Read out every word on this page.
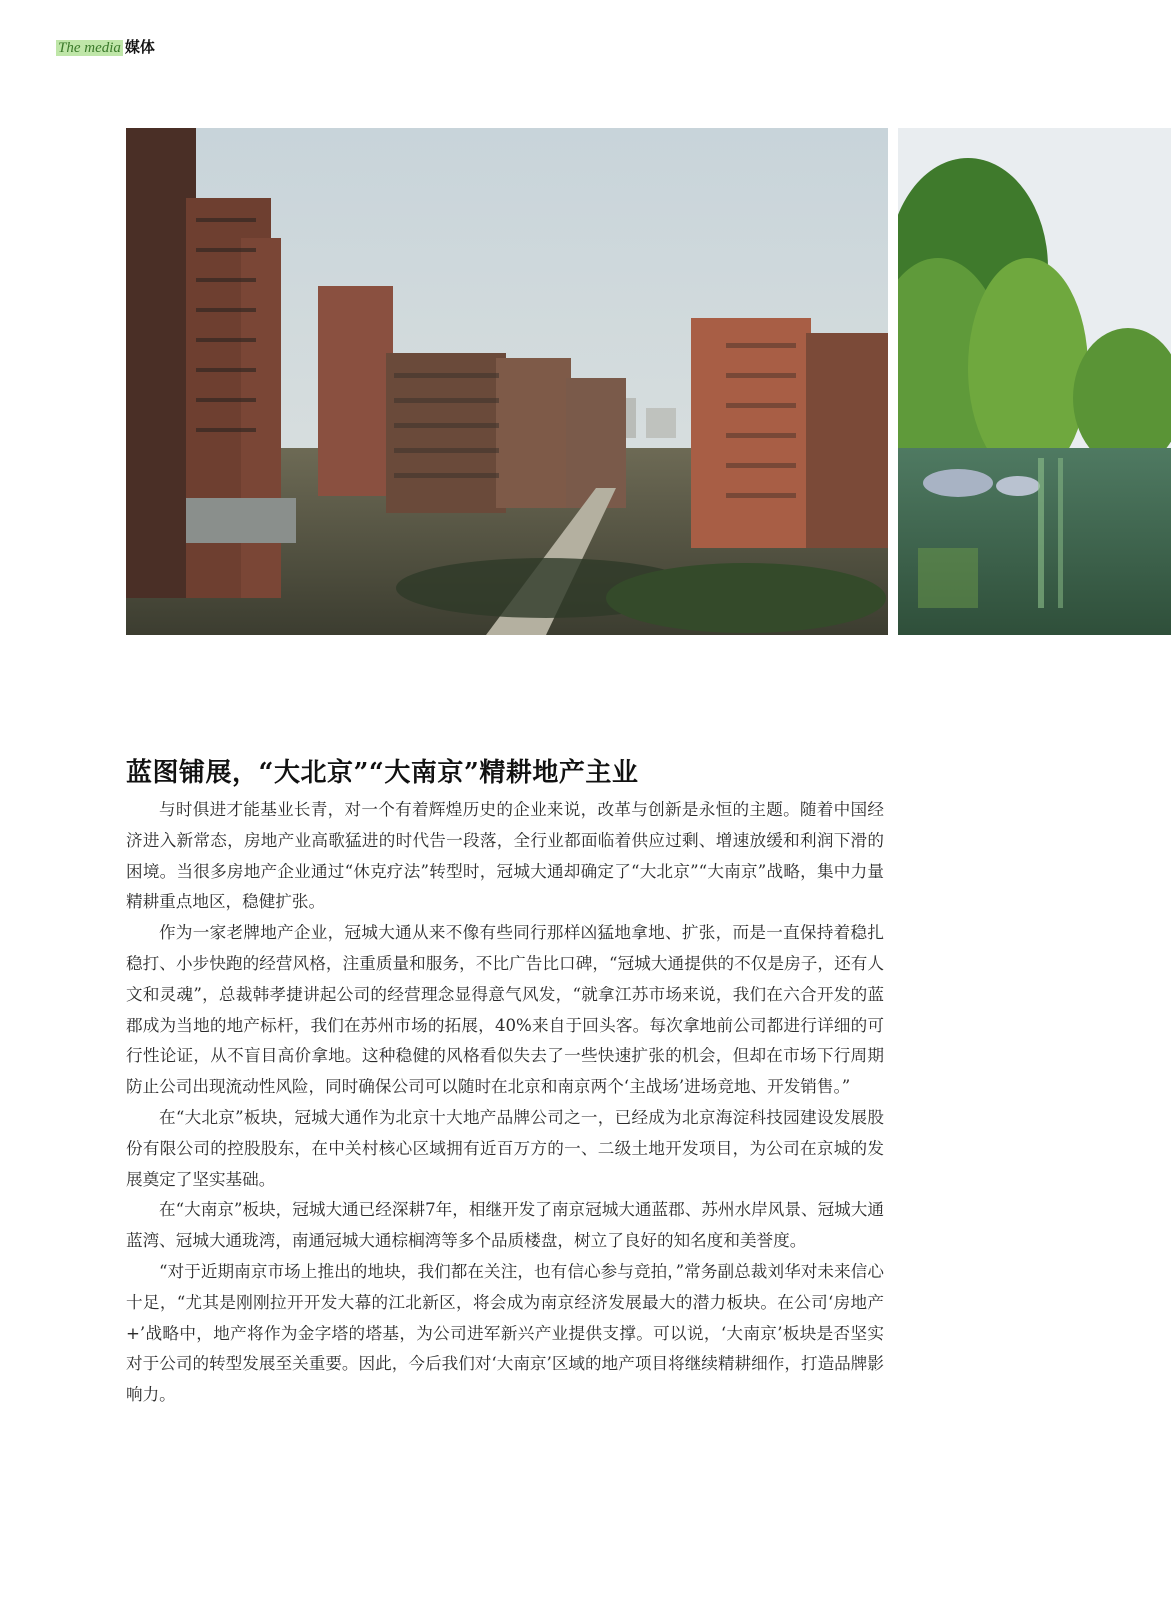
The media 媒体
蓝图铺展，“大北京”“大南京”精耕地产主业

与时俱进才能基业长青，对一个有着辉煌历史的企业来说，改革与创新是永恒的主题。随着中国经济进入新常态，房地产业高歌猛进的时代告一段落，全行业都面临着供应过剩、增速放缓和利润下滑的困境。当很多房地产企业通过“休克疗法”转型时，冠城大通却确定了“大北京”“大南京”战略，集中力量精耕重点地区，稳健扩张。

作为一家老牌地产企业，冠城大通从来不像有些同行那样凶猛地拿地、扩张，而是一直保持着稳扎稳打、小步快跑的经营风格，注重质量和服务，不比广告比口碑，“冠城大通提供的不仅是房子，还有人文和灵魂”，总裁韩孝捷讲起公司的经营理念显得意气风发，“就拿江苏市场来说，我们在六合开发的蓝郡成为当地的地产标杆，我们在苏州市场的拓展，40%来自于回头客。每次拿地前公司都进行详细的可行性论证，从不盲目高价拿地。这种稳健的风格看似失去了一些快速扩张的机会，但却在市场下行周期防止公司出现流动性风险，同时确保公司可以随时在北京和南京两个‘主战场’进场竞地、开发销售。”

在“大北京”板块，冠城大通作为北京十大地产品牌公司之一，已经成为北京海淀科技园建设发展股份有限公司的控股股东，在中关村核心区域拥有近百万方的一、二级土地开发项目，为公司在京城的发展奠定了坚实基础。

在“大南京”板块，冠城大通已经深耕7年，相继开发了南京冠城大通蓝郡、苏州水岸风景、冠城大通蓝湾、冠城大通珑湾，南通冠城大通棕榈湾等多个品质楼盘，树立了良好的知名度和美誉度。

“对于近期南京市场上推出的地块，我们都在关注，也有信心参与竞拍，”常务副总裁刘华对未来信心十足，“尤其是刚刚拉开开发大幕的江北新区，将会成为南京经济发展最大的潜力板块。在公司‘房地产+’战略中，地产将作为金字塔的塔基，为公司进军新兴产业提供支撑。可以说，‘大南京’板块是否坚实对于公司的转型发展至关重要。因此，今后我们对‘大南京’区域的地产项目将继续精耕细作，打造品牌影响力。
